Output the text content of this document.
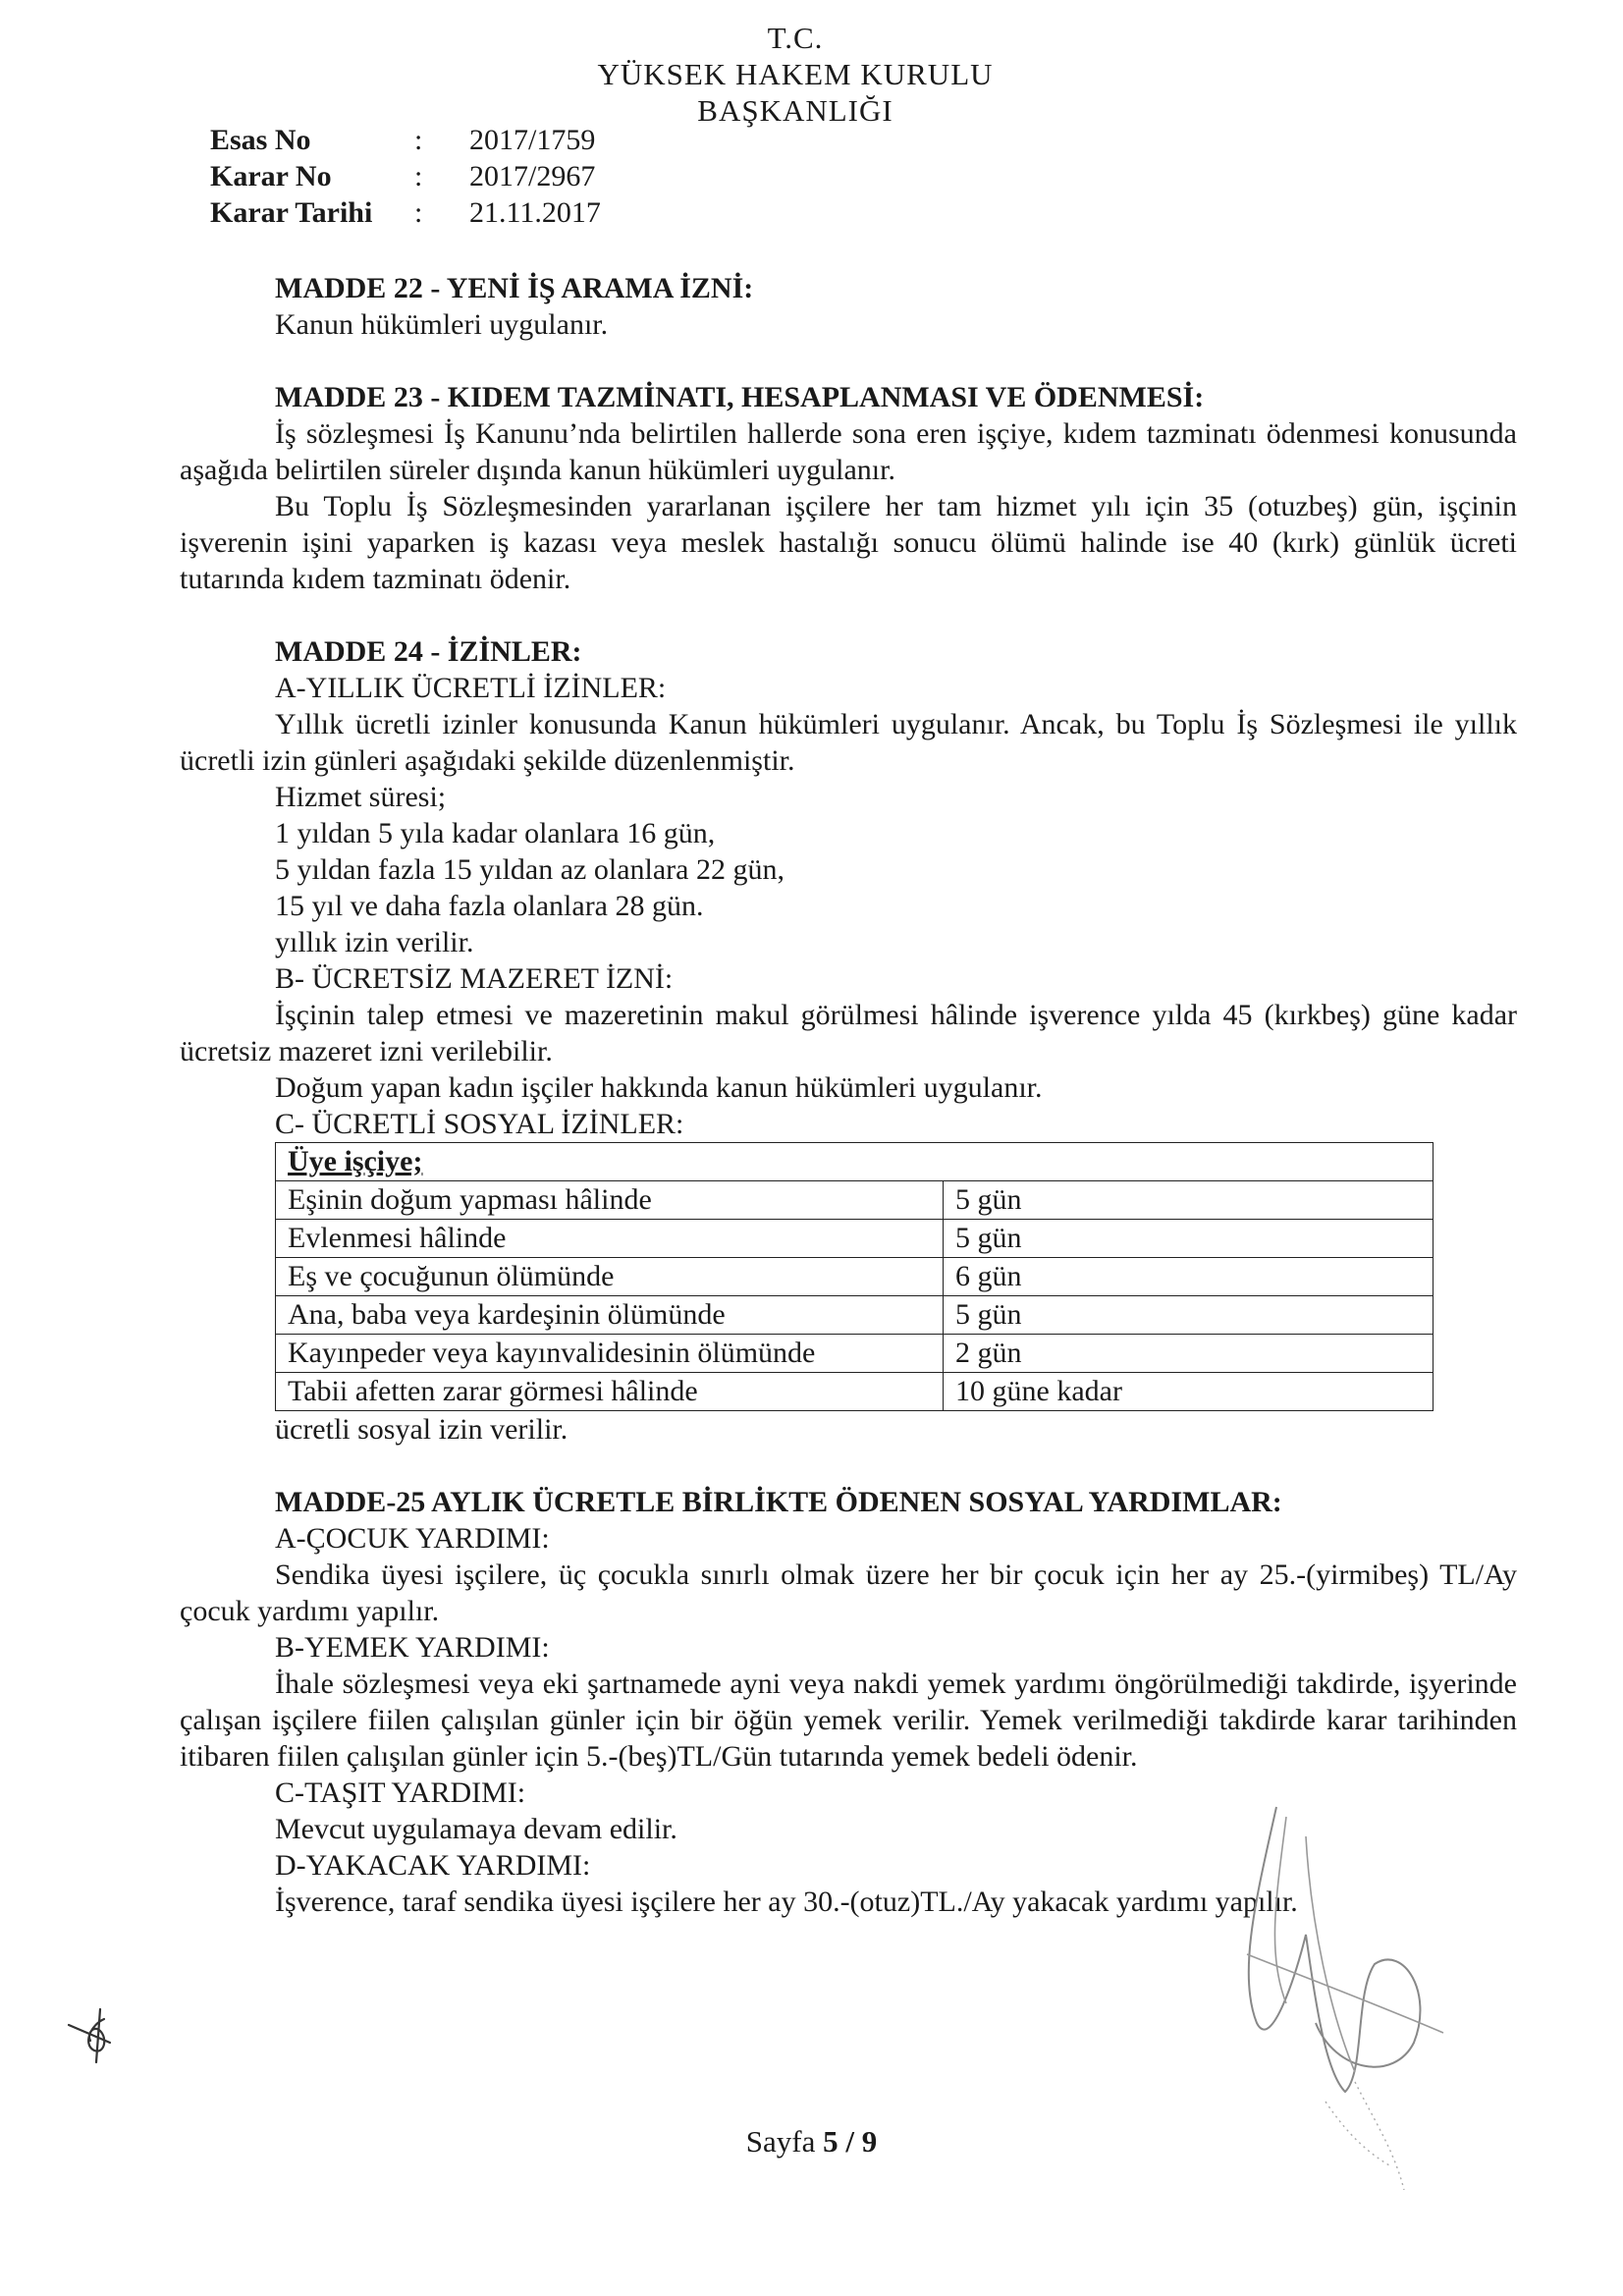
T.C.
YÜKSEK HAKEM KURULU
BAŞKANLIĞI
Esas No	: 2017/1759
Karar No	: 2017/2967
Karar Tarihi : 21.11.2017
MADDE 22 - YENİ İŞ ARAMA İZNİ:
Kanun hükümleri uygulanır.
MADDE 23 - KIDEM TAZMİNATI, HESAPLANMASI VE ÖDENMESİ:
İş sözleşmesi İş Kanunu’nda belirtilen hallerde sona eren işçiye, kıdem tazminatı ödenmesi konusunda aşağıda belirtilen süreler dışında kanun hükümleri uygulanır.
Bu Toplu İş Sözleşmesinden yararlanan işçilere her tam hizmet yılı için 35 (otuzbeş) gün, işçinin işverenin işini yaparken iş kazası veya meslek hastalığı sonucu ölümü halinde ise 40 (kırk) günlük ücreti tutarında kıdem tazminatı ödenir.
MADDE 24 - İZİNLER:
A-YILLIK ÜCRETLİ İZİNLER:
Yıllık ücretli izinler konusunda Kanun hükümleri uygulanır. Ancak, bu Toplu İş Sözleşmesi ile yıllık ücretli izin günleri aşağıdaki şekilde düzenlenmiştir.
Hizmet süresi;
1 yıldan 5 yıla kadar olanlara 16 gün,
5 yıldan fazla 15 yıldan az olanlara 22 gün,
15 yıl ve daha fazla olanlara 28 gün.
yıllık izin verilir.
B- ÜCRETSİZ MAZERET İZNİ:
İşçinin talep etmesi ve mazeretinin makul görülmesi hâlinde işverence yılda 45 (kırkbeş) güne kadar ücretsiz mazeret izni verilebilir.
Doğum yapan kadın işçiler hakkında kanun hükümleri uygulanır.
C- ÜCRETLİ SOSYAL İZİNLER:
Üye işçiye;	
Eşinin doğum yapması hâlinde	5 gün
Evlenmesi hâlinde	5 gün
Eş ve çocuğunun ölümünde	6 gün
Ana, baba veya kardeşinin ölümünde	5 gün
Kayınpeder veya kayınvalidesinin ölümünde	2 gün
Tabii afetten zarar görmesi hâlinde	10 güne kadar
ücretli sosyal izin verilir.
MADDE-25 AYLIK ÜCRETLE BİRLİKTE ÖDENEN SOSYAL YARDIMLAR:
A-ÇOCUK YARDIMI:
Sendika üyesi işçilere, üç çocukla sınırlı olmak üzere her bir çocuk için her ay 25.-(yirmibeş) TL/Ay çocuk yardımı yapılır.
B-YEMEK YARDIMI:
İhale sözleşmesi veya eki şartnamede ayni veya nakdi yemek yardımı öngörülmediği takdirde, işyerinde çalışan işçilere fiilen çalışılan günler için bir öğün yemek verilir. Yemek verilmediği takdirde karar tarihinden itibaren fiilen çalışılan günler için 5.-(beş)TL/Gün tutarında yemek bedeli ödenir.
C-TAŞIT YARDIMI:
Mevcut uygulamaya devam edilir.
D-YAKACAK YARDIMI:
İşverence, taraf sendika üyesi işçilere her ay 30.-(otuz)TL./Ay yakacak yardımı yapılır.
Sayfa 5 / 9
